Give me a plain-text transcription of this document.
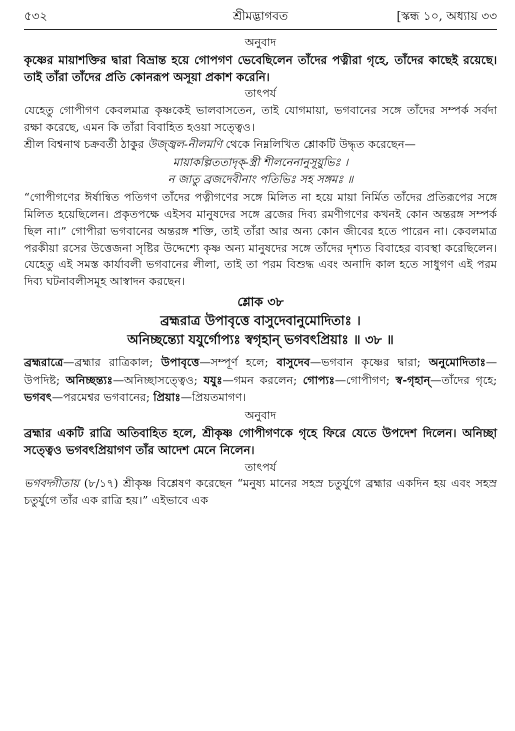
৫৩২	শ্রীমদ্ভাগবত	[স্কন্ধ ১০, অধ্যায় ৩৩
অনুবাদ

কৃষ্ণের মায়াশক্তির দ্বারা বিভ্রান্ত হয়ে গোপগণ ভেবেছিলেন তাঁদের পত্নীরা গৃহে, তাঁদের কাছেই রয়েছে। তাই তাঁরা তাঁদের প্রতি কোনরূপ অসূয়া প্রকাশ করেনি।

তাৎপর্য

যেহেতু গোপীগণ কেবলমাত্র কৃষ্ণকেই ভালবাসতেন, তাই যোগমায়া, ভগবানের সঙ্গে তাঁদের সম্পর্ক সর্বদা রক্ষা করেছে, এমন কি তাঁরা বিবাহিত হওয়া সত্ত্বেও।

শ্রীল বিশ্বনাথ চক্রবর্তী ঠাকুর উজ্জ্বল-নীলমণি থেকে নিম্নলিখিত শ্লোকটি উদ্ধৃত করেছেন—

মায়াকল্পিততাদৃক্-স্ত্রী শীলনেনানুসূয়ুভিঃ ।
ন জাতু ব্রজদেবীনাং পতিভিঃ সহ সঙ্গমঃ ॥

“গোপীগণের ঈর্ষান্বিত পতিগণ তাঁদের পত্নীগণের সঙ্গে মিলিত না হয়ে মায়া নির্মিত তাঁদের প্রতিরূপের সঙ্গে মিলিত হয়েছিলেন। প্রকৃতপক্ষে এইসব মানুষদের সঙ্গে ব্রজের দিব্য রমণীগণের কখনই কোন অন্তরঙ্গ সম্পর্ক ছিল না।” গোপীরা ভগবানের অন্তরঙ্গ শক্তি, তাই তাঁরা আর অন্য কোন জীবের হতে পারেন না। কেবলমাত্র পরকীয়া রসের উত্তেজনা সৃষ্টির উদ্দেশ্যে কৃষ্ণ অন্য মানুষদের সঙ্গে তাঁদের দৃশ্যত বিবাহের ব্যবস্থা করেছিলেন। যেহেতু এই সমস্ত কার্যাবলী ভগবানের লীলা, তাই তা পরম বিশুদ্ধ এবং অনাদি কাল হতে সাধুগণ এই পরম দিব্য ঘটনাবলীসমূহ আস্বাদন করছেন।

শ্লোক ৩৮

ব্রহ্মরাত্র উপাবৃত্তে বাসুদেবানুমোদিতাঃ ।

অনিচ্ছন্ত্যো যযুর্গোপ্যঃ স্বগৃহান্ ভগবৎপ্রিয়াঃ ॥ ৩৮ ॥

ব্রহ্মরাত্রে—ব্রহ্মার রাত্রিকাল; উপাবৃত্তে—সম্পূর্ণ হলে; বাসুদেব—ভগবান কৃষ্ণের দ্বারা; অনুমোদিতাঃ—উপদিষ্ট; অনিচ্ছন্ত্যঃ—অনিচ্ছাসত্ত্বেও; যযুঃ—গমন করলেন; গোপ্যঃ—গোপীগণ; স্ব-গৃহান্—তাঁদের গৃহে; ভগবৎ—পরমেশ্বর ভগবানের; প্রিয়াঃ—প্রিয়তমাগণ।

অনুবাদ

ব্রহ্মার একটি রাত্রি অতিবাহিত হলে, শ্রীকৃষ্ণ গোপীগণকে গৃহে ফিরে যেতে উপদেশ দিলেন। অনিচ্ছা সত্ত্বেও ভগবৎপ্রিয়াগণ তাঁর আদেশ মেনে নিলেন।

তাৎপর্য

ভগবদ্গীতায় (৮/১৭) শ্রীকৃষ্ণ বিশ্লেষণ করেছেন “মনুষ্য মানের সহস্র চতুর্যুগে ব্রহ্মার একদিন হয় এবং সহস্র চতুর্যুগে তাঁর এক রাত্রি হয়।” এইভাবে এক
